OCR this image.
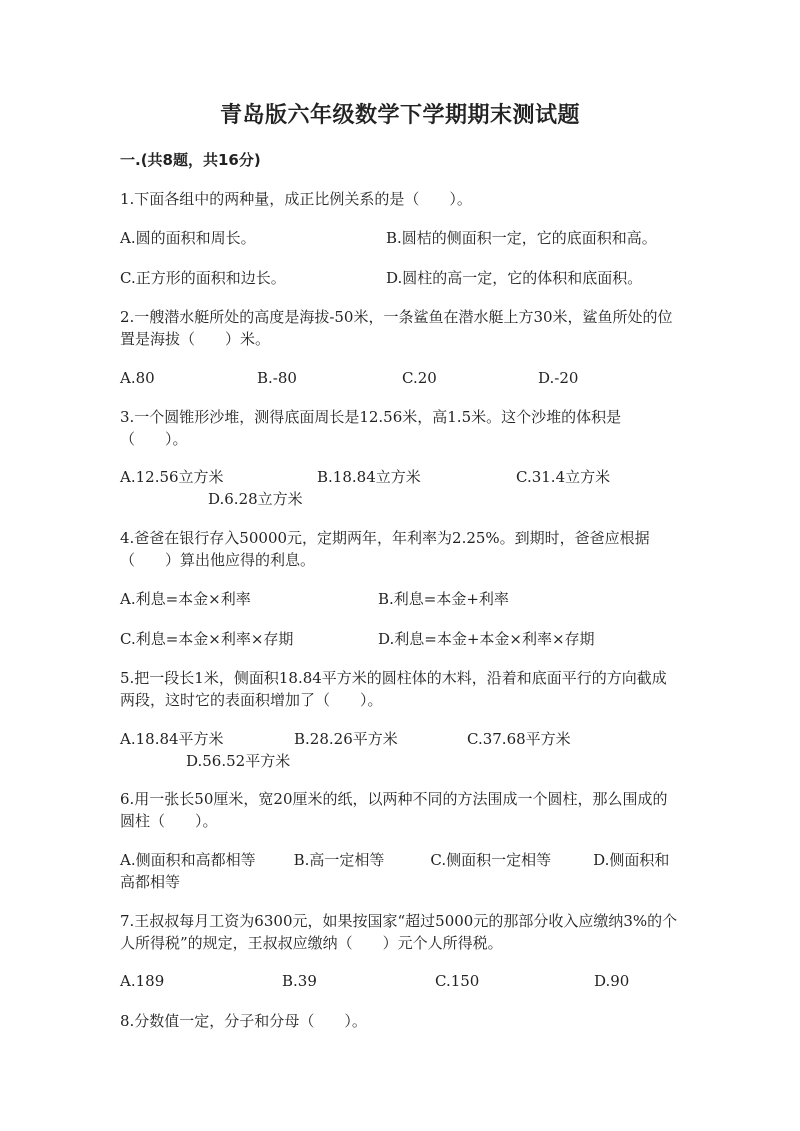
青岛版六年级数学下学期期末测试题
一.(共8题，共16分)
1.下面各组中的两种量，成正比例关系的是（　　）。
A.圆的面积和周长。	B.圆桔的侧面积一定，它的底面积和高。
C.正方形的面积和边长。	D.圆柱的高一定，它的体积和底面积。
2.一艘潜水艇所处的高度是海拔-50米，一条鲨鱼在潜水艇上方30米，鲨鱼所处的位置是海拔（　　）米。
A.80	B.-80	C.20	D.-20
3.一个圆锥形沙堆，测得底面周长是12.56米，高1.5米。这个沙堆的体积是（　　）。
A.12.56立方米	B.18.84立方米	C.31.4立方米
D.6.28立方米
4.爸爸在银行存入50000元，定期两年，年利率为2.25%。到期时，爸爸应根据（　　）算出他应得的利息。
A.利息=本金×利率	B.利息=本金+利率
C.利息=本金×利率×存期	D.利息=本金+本金×利率×存期
5.把一段长1米，侧面积18.84平方米的圆柱体的木料，沿着和底面平行的方向截成两段，这时它的表面积增加了（　　）。
A.18.84平方米	B.28.26平方米	C.37.68平方米
D.56.52平方米
6.用一张长50厘米，宽20厘米的纸，以两种不同的方法围成一个圆柱，那么围成的圆柱（　　）。
A.侧面积和高都相等	B.高一定相等	C.侧面积一定相等	D.侧面积和高都相等
7.王叔叔每月工资为6300元，如果按国家“超过5000元的那部分收入应缴纳3%的个人所得税”的规定，王叔叔应缴纳（　　）元个人所得税。
A.189	B.39	C.150	D.90
8.分数值一定，分子和分母（　　）。
